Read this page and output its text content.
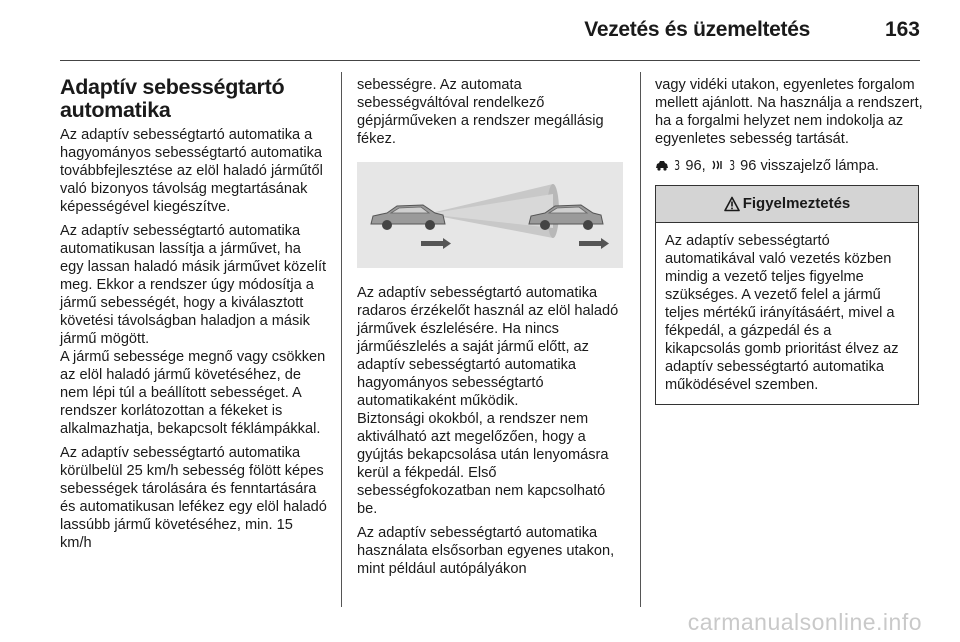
Vezetés és üzemeltetés	163
Adaptív sebességtartó automatika

Az adaptív sebességtartó automatika a hagyományos sebességtartó automatika továbbfejlesztése az elöl haladó járműtől való bizonyos távolság megtartásának képességével kiegészítve.

Az adaptív sebességtartó automatika automatikusan lassítja a járművet, ha egy lassan haladó másik járművet közelít meg. Ekkor a rendszer úgy módosítja a jármű sebességét, hogy a kiválasztott követési távolságban haladjon a másik jármű mögött.

A jármű sebessége megnő vagy csökken az elöl haladó jármű követéséhez, de nem lépi túl a beállított sebességet. A rendszer korlátozottan a fékeket is alkalmazhatja, bekapcsolt féklámpákkal.

Az adaptív sebességtartó automatika körülbelül 25 km/h sebesség fölött képes sebességek tárolására és fenntartására és automatikusan lefékez egy elöl haladó lassúbb jármű követéséhez, min. 15 km/h

sebességre. Az automata sebességváltóval rendelkező gépjárműveken a rendszer megállásig fékez.

Az adaptív sebességtartó automatika radaros érzékelőt használ az elöl haladó járművek észlelésére. Ha nincs járműészlelés a saját jármű előtt, az adaptív sebességtartó automatika hagyományos sebességtartó automatikaként működik.

Biztonsági okokból, a rendszer nem aktiválható azt megelőzően, hogy a gyújtás bekapcsolása után lenyomásra kerül a fékpedál. Első sebességfokozatban nem kapcsolható be.

Az adaptív sebességtartó automatika használata elsősorban egyenes utakon, mint például autópályákon

vagy vidéki utakon, egyenletes forgalom mellett ajánlott. Na használja a rendszert, ha a forgalmi helyzet nem indokolja az egyenletes sebesség tartását.

3 96, 3 96 visszajelző lámpa.

Figyelmeztetés
Az adaptív sebességtartó automatikával való vezetés közben mindig a vezető teljes figyelme szükséges. A vezető felel a jármű teljes mértékű irányításáért, mivel a fékpedál, a gázpedál és a kikapcsolás gomb prioritást élvez az adaptív sebességtartó automatika működésével szemben.
carmanualsonline.info
